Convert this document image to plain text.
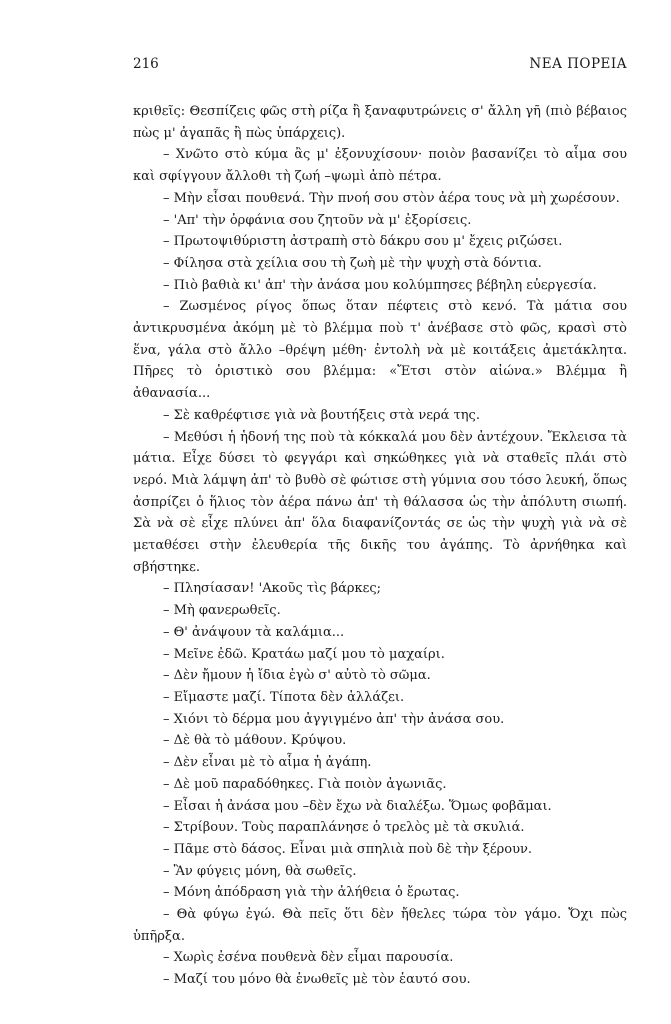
216	ΝΕΑ ΠΟΡΕΙΑ

κριθεῖς: Θεσπίζεις φῶς στὴ ρίζα ἢ ξαναφυτρώνεις σ' ἄλλη γῆ (πιὸ βέβαιος πὼς μ' ἀγαπᾶς ἢ πὼς ὑπάρχεις).

– Χνῶτο στὸ κύμα ἂς μ' ἐξονυχίσουν· ποιὸν βασανίζει τὸ αἷμα σου καὶ σφίγγουν ἄλλοθι τὴ ζωή –ψωμὶ ἀπὸ πέτρα.

– Μὴν εἶσαι πουθενά. Τὴν πνοή σου στὸν ἀέρα τους νὰ μὴ χωρέσουν.

– 'Απ' τὴν ὀρφάνια σου ζητοῦν νὰ μ' ἐξορίσεις.

– Πρωτοψιθύριστη ἀστραπὴ στὸ δάκρυ σου μ' ἔχεις ριζώσει.

– Φίλησα στὰ χείλια σου τὴ ζωὴ μὲ τὴν ψυχὴ στὰ δόντια.

– Πιὸ βαθιὰ κι' ἀπ' τὴν ἀνάσα μου κολύμπησες βέβηλη εὐεργεσία.

– Ζωσμένος ρίγος ὅπως ὅταν πέφτεις στὸ κενό. Τὰ μάτια σου ἀντικρυσμένα ἀκόμη μὲ τὸ βλέμμα ποὺ τ' ἀνέβασε στὸ φῶς, κρασὶ στὸ ἕνα, γάλα στὸ ἄλλο –θρέψη μέθη· ἐντολὴ νὰ μὲ κοιτάξεις ἀμετάκλητα. Πῆρες τὸ ὁριστικὸ σου βλέμμα: «Ἔτσι στὸν αἰώνα.» Βλέμμα ἢ ἀθανασία...

– Σὲ καθρέφτισε γιὰ νὰ βουτήξεις στὰ νερά της.

– Μεθύσι ἡ ἡδονή της ποὺ τὰ κόκκαλά μου δὲν ἀντέχουν. Ἔκλεισα τὰ μάτια. Εἶχε δύσει τὸ φεγγάρι καὶ σηκώθηκες γιὰ νὰ σταθεῖς πλάι στὸ νερό. Μιὰ λάμψη ἀπ' τὸ βυθὸ σὲ φώτισε στὴ γύμνια σου τόσο λευκή, ὅπως ἀσπρίζει ὁ ἥλιος τὸν ἀέρα πάνω ἀπ' τὴ θάλασσα ὡς τὴν ἀπόλυτη σιωπή. Σὰ νὰ σὲ εἶχε πλύνει ἀπ' ὅλα διαφανίζοντάς σε ὡς τὴν ψυχὴ γιὰ νὰ σὲ μεταθέσει στὴν ἐλευθερία τῆς δικῆς του ἀγάπης. Τὸ ἀρνήθηκα καὶ σβήστηκε.

– Πλησίασαν! 'Ακοῦς τὶς βάρκες;

– Μὴ φανερωθεῖς.

– Θ' ἀνάψουν τὰ καλάμια...

– Μεῖνε ἐδῶ. Κρατάω μαζί μου τὸ μαχαίρι.

– Δὲν ἤμουν ἡ ἴδια ἐγὼ σ' αὐτὸ τὸ σῶμα.

– Εἴμαστε μαζί. Τίποτα δὲν ἀλλάζει.

– Χιόνι τὸ δέρμα μου ἀγγιγμένο ἀπ' τὴν ἀνάσα σου.

– Δὲ θὰ τὸ μάθουν. Κρύψου.

– Δὲν εἶναι μὲ τὸ αἷμα ἡ ἀγάπη.

– Δὲ μοῦ παραδόθηκες. Γιὰ ποιὸν ἀγωνιᾶς.

– Εἶσαι ἡ ἀνάσα μου –δὲν ἔχω νὰ διαλέξω. Ὅμως φοβᾶμαι.

– Στρίβουν. Τοὺς παραπλάνησε ὁ τρελὸς μὲ τὰ σκυλιά.

– Πᾶμε στὸ δάσος. Εἶναι μιὰ σπηλιὰ ποὺ δὲ τὴν ξέρουν.

– Ἂν φύγεις μόνη, θὰ σωθεῖς.

– Μόνη ἀπόδραση γιὰ τὴν ἀλήθεια ὁ ἔρωτας.

– Θὰ φύγω ἐγώ. Θὰ πεῖς ὅτι δὲν ἤθελες τώρα τὸν γάμο. Ὄχι πὼς ὑπῆρξα.

– Χωρὶς ἐσένα πουθενὰ δὲν εἶμαι παρουσία.

– Μαζί του μόνο θὰ ἑνωθεῖς μὲ τὸν ἑαυτό σου.
